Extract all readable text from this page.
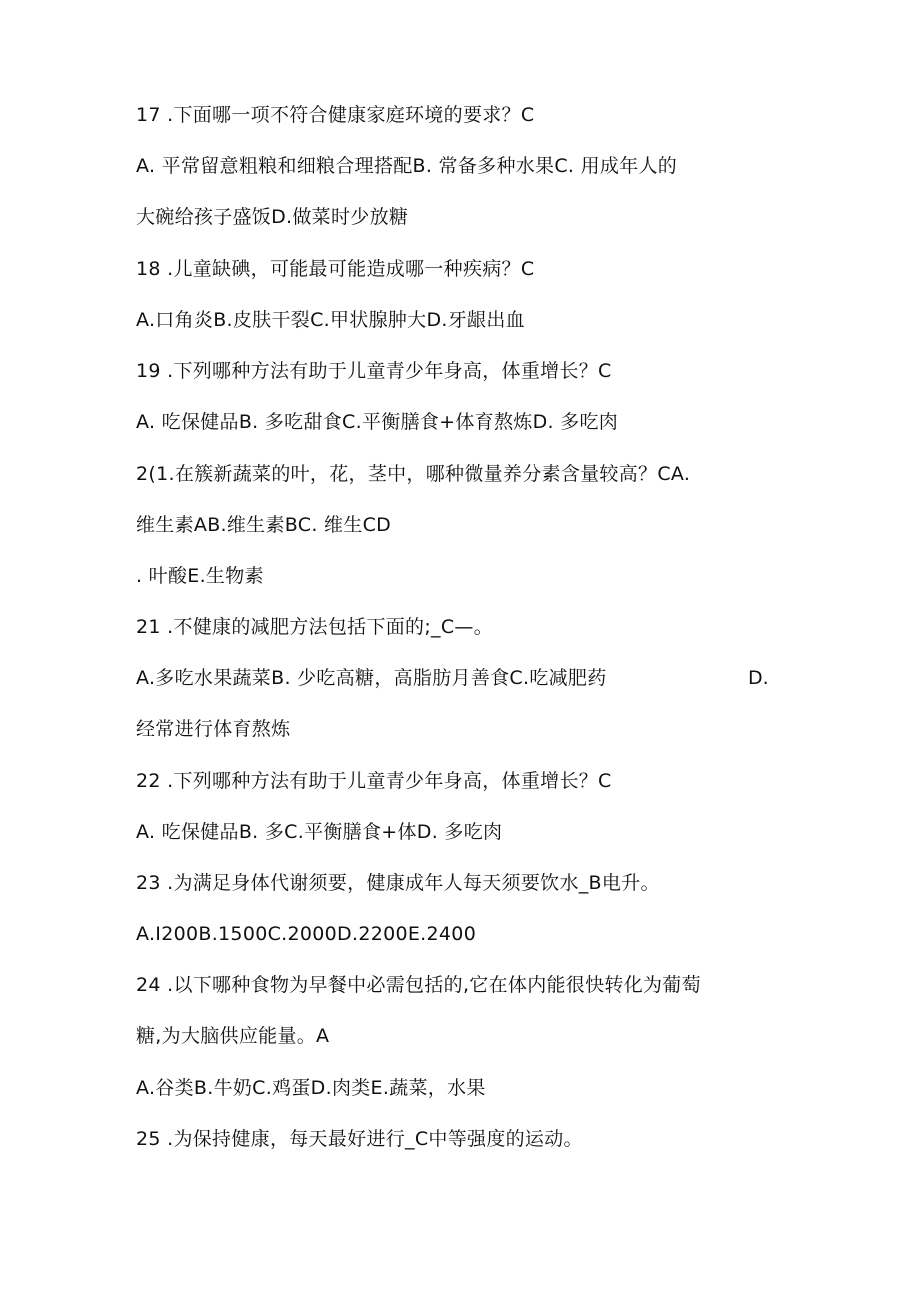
17 .下面哪一项不符合健康家庭环境的要求？C
A. 平常留意粗粮和细粮合理搭配B. 常备多种水果C. 用成年人的
大碗给孩子盛饭D.做菜时少放糖
18 .儿童缺碘，可能最可能造成哪一种疾病？C
A.口角炎B.皮肤干裂C.甲状腺肿大D.牙龈出血
19 .下列哪种方法有助于儿童青少年身高，体重增长？C
A. 吃保健品B. 多吃甜食C.平衡膳食+体育熬炼D. 多吃肉
2(1.在簇新蔬菜的叶，花，茎中，哪种微量养分素含量较高？CA.
维生素AB.维生素BC. 维生CD
. 叶酸E.生物素
21 .不健康的减肥方法包括下面的;_C—。
A.多吃水果蔬菜B. 少吃高糖，高脂肪月善食C.吃减肥药	D.
经常进行体育熬炼
22 .下列哪种方法有助于儿童青少年身高，体重增长？C
A. 吃保健品B. 多C.平衡膳食+体D. 多吃肉
23 .为满足身体代谢须要，健康成年人每天须要饮水_B电升。
A.I200B.1500C.2000D.2200E.2400
24 .以下哪种食物为早餐中必需包括的,它在体内能很快转化为葡萄
糖,为大脑供应能量。A
A.谷类B.牛奶C.鸡蛋D.肉类E.蔬菜，水果
25 .为保持健康，每天最好进行_C中等强度的运动。
